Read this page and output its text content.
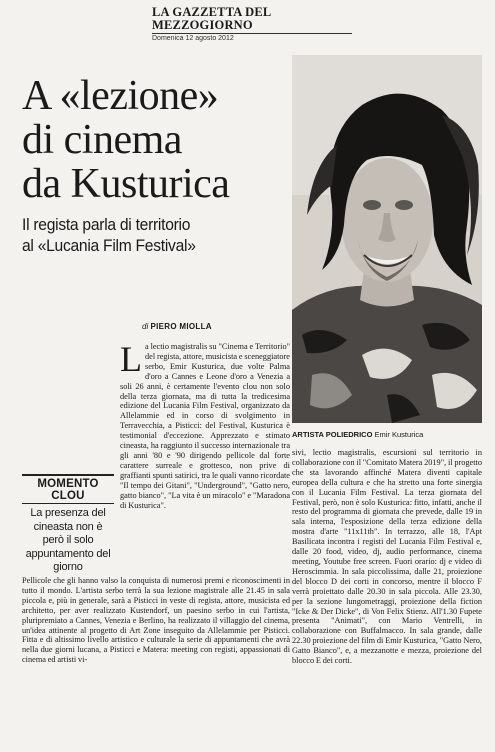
LA GAZZETTA DEL MEZZOGIORNO
Domenica 12 agosto 2012
A «lezione»
di cinema
da Kusturica
Il regista parla di territorio
al «Lucania Film Festival»
di PIERO MIOLLA
ARTISTA POLIEDRICO Emir Kusturica
MOMENTO CLOU
La presenza del cineasta non è però il solo appuntamento del giorno

La lectio magistralis su "Cinema e Territorio" del regista, attore, musicista e sceneggiatore serbo, Emir Kusturica, due volte Palma d'oro a Cannes e Leone d'oro a Venezia a soli 26 anni, è certamente l'evento clou non solo della terza giornata, ma di tutta la tredicesima edizione del Lucania Film Festival, organizzato da Allelammie ed in corso di svolgimento in Terravecchia, a Pisticci: del Festival, Kusturica è testimonial d'eccezione. Apprezzato e stimato cineasta, ha raggiunto il successo internazionale tra gli anni '80 e '90 dirigendo pellicole dal forte carattere surreale e grottesco, non prive di graffianti spunti satirici, tra le quali vanno ricordate "Il tempo dei Gitani", "Underground", "Gatto nero, gatto bianco", "La vita è un miracolo" e "Maradona di Kusturica".

Pellicole che gli hanno valso la conquista di numerosi premi e riconoscimenti in tutto il mondo. L'artista serbo terrà la sua lezione magistrale alle 21.45 in sala piccola e, più in generale, sarà a Pisticci in veste di regista, attore, musicista ed architetto, per aver realizzato Kustendorf, un paesino serbo in cui l'artista, pluripremiato a Cannes, Venezia e Berlino, ha realizzato il villaggio del cinema, un'idea attinente al progetto di Art Zone inseguito da Allelammie per Pisticci. Fitta e di altissimo livello artistico e culturale la serie di appuntamenti che avrà nella due giorni lucana, a Pisticci e Matera: meeting con registi, appassionati di cinema ed artisti vi-

sivi, lectio magistralis, escursioni sul territorio in collaborazione con il "Comitato Matera 2019", il progetto che sta lavorando affinché Matera diventi capitale europea della cultura e che ha stretto una forte sinergia con il Lucania Film Festival. La terza giornata del Festival, però, non è solo Kusturica: fitto, infatti, anche il resto del programma di giornata che prevede, dalle 19 in sala interna, l'esposizione della terza edizione della mostra d'arte "11x11th". In terrazzo, alle 18, l'Apt Basilicata incontra i registi del Lucania Film Festival e, dalle 20 food, video, dj, audio performance, cinema meeting, Youtube free screen. Fuori orario: dj e video di Heroscimmia. In sala piccolissima, dalle 21, proiezione del blocco D dei corti in concorso, mentre il blocco F verrà proiettato dalle 20.30 in sala piccola. Alle 23.30, per la sezione lungometraggi, proiezione della fiction "Icke & Der Dicke", di Von Felix Stienz. All'1.30 Fupete presenta "Animati", con Mario Ventrelli, in collaborazione con Buffalmacco. In sala grande, dalle 22.30 proiezione del film di Emir Kusturica, "Gatto Nero, Gatto Bianco", e, a mezzanotte e mezza, proiezione del blocco E dei corti.
